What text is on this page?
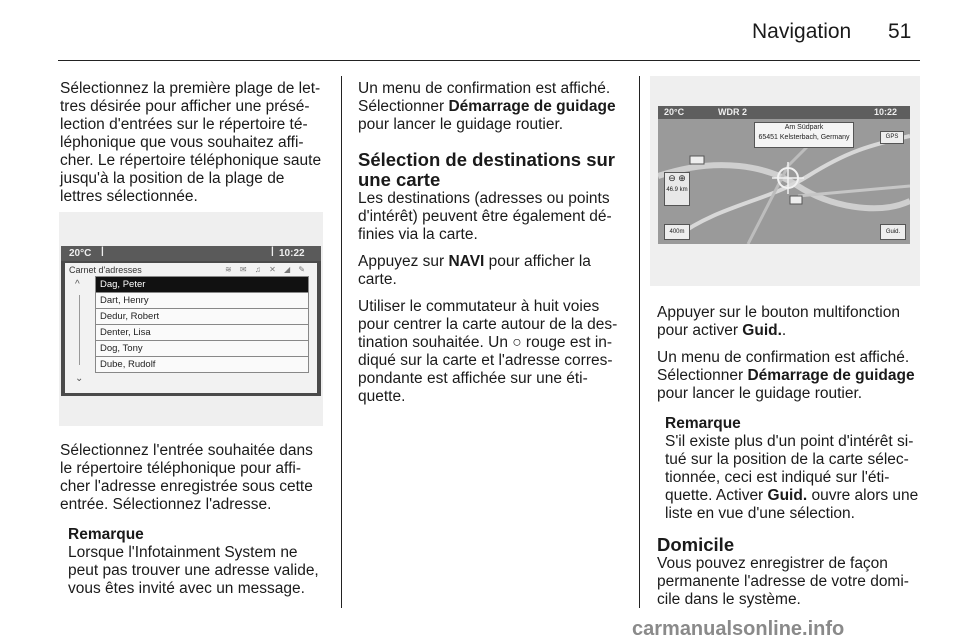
Navigation 51

Sélectionnez la première plage de let-tres désirée pour afficher une présé-lection d'entrées sur le répertoire té-léphonique que vous souhaitez affi-cher. Le répertoire téléphonique saute jusqu'à la position de la plage de lettres sélectionnée.

20°C |	| 10:22
Carnet d'adresses	≋ ✉ ♫ ✕ ◢ ✎
^
⌄
Dag, Peter
Dart, Henry
Dedur, Robert
Denter, Lisa
Dog, Tony
Dube, Rudolf

Sélectionnez l'entrée souhaitée dans le répertoire téléphonique pour affi-cher l'adresse enregistrée sous cette entrée. Sélectionnez l'adresse.

Remarque
Lorsque l'Infotainment System ne peut pas trouver une adresse valide, vous êtes invité avec un message.

Un menu de confirmation est affiché. Sélectionner Démarrage de guidage pour lancer le guidage routier.

Sélection de destinations sur une carte

Les destinations (adresses ou points d'intérêt) peuvent être également dé-finies via la carte.

Appuyez sur NAVI pour afficher la carte.

Utiliser le commutateur à huit voies pour centrer la carte autour de la des-tination souhaitée. Un ○ rouge est in-diqué sur la carte et l'adresse corres-pondante est affichée sur une éti-quette.

20°C	WDR 2	10:22
Am Südpark
65451 Kelsterbach, Germany	GPS
⊖ ⊕
46.9 km
400m	Guid.

Appuyer sur le bouton multifonction pour activer Guid..

Un menu de confirmation est affiché. Sélectionner Démarrage de guidage pour lancer le guidage routier.

Remarque
S'il existe plus d'un point d'intérêt si-tué sur la position de la carte sélec-tionnée, ceci est indiqué sur l'éti-quette. Activer Guid. ouvre alors une liste en vue d'une sélection.
Domicile

Vous pouvez enregistrer de façon permanente l'adresse de votre domi-cile dans le système.

carmanualsonline.info
